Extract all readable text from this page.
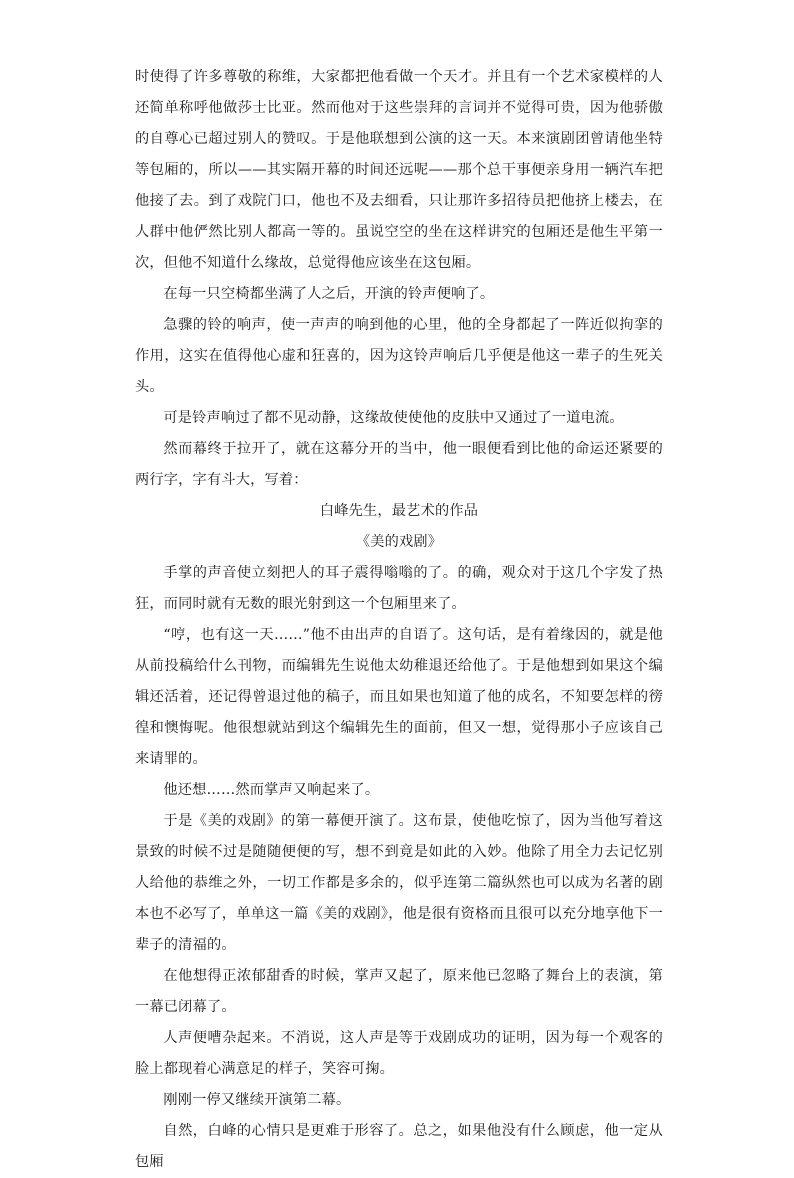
时使得了许多尊敬的称维，大家都把他看做一个天才。并且有一个艺术家模样的人还简单称呼他做莎士比亚。然而他对于这些崇拜的言词并不觉得可贵，因为他骄傲的自尊心已超过别人的赞叹。于是他联想到公演的这一天。本来演剧团曾请他坐特等包厢的，所以——其实隔开幕的时间还远呢——那个总干事便亲身用一辆汽车把他接了去。到了戏院门口，他也不及去细看，只让那许多招待员把他挤上楼去，在人群中他俨然比别人都高一等的。虽说空空的坐在这样讲究的包厢还是他生平第一次，但他不知道什么缘故，总觉得他应该坐在这包厢。

在每一只空椅都坐满了人之后，开演的铃声便响了。

急骤的铃的响声，使一声声的响到他的心里，他的全身都起了一阵近似拘挛的作用，这实在值得他心虚和狂喜的，因为这铃声响后几乎便是他这一辈子的生死关头。

可是铃声响过了都不见动静，这缘故使使他的皮肤中又通过了一道电流。

然而幕终于拉开了，就在这幕分开的当中，他一眼便看到比他的命运还紧要的两行字，字有斗大，写着：

白峰先生，最艺术的作品

《美的戏剧》

手掌的声音使立刻把人的耳子震得嗡嗡的了。的确，观众对于这几个字发了热狂，而同时就有无数的眼光射到这一个包厢里来了。

“哼，也有这一天……”他不由出声的自语了。这句话，是有着缘因的，就是他从前投稿给什么刊物，而编辑先生说他太幼稚退还给他了。于是他想到如果这个编辑还活着，还记得曾退过他的稿子，而且如果也知道了他的成名，不知要怎样的徬徨和懊悔呢。他很想就站到这个编辑先生的面前，但又一想，觉得那小子应该自己来请罪的。

他还想……然而掌声又响起来了。

于是《美的戏剧》的第一幕便开演了。这布景，使他吃惊了，因为当他写着这景致的时候不过是随随便便的写，想不到竟是如此的入妙。他除了用全力去记忆别人给他的恭维之外，一切工作都是多余的，似乎连第二篇纵然也可以成为名著的剧本也不必写了，单单这一篇《美的戏剧》，他是很有资格而且很可以充分地享他下一辈子的清福的。

在他想得正浓郁甜香的时候，掌声又起了，原来他已忽略了舞台上的表演，第一幕已闭幕了。

人声便嘈杂起来。不消说，这人声是等于戏剧成功的证明，因为每一个观客的脸上都现着心满意足的样子，笑容可掬。

刚刚一停又继续开演第二幕。

自然，白峰的心情只是更难于形容了。总之，如果他没有什么顾虑，他一定从包厢
